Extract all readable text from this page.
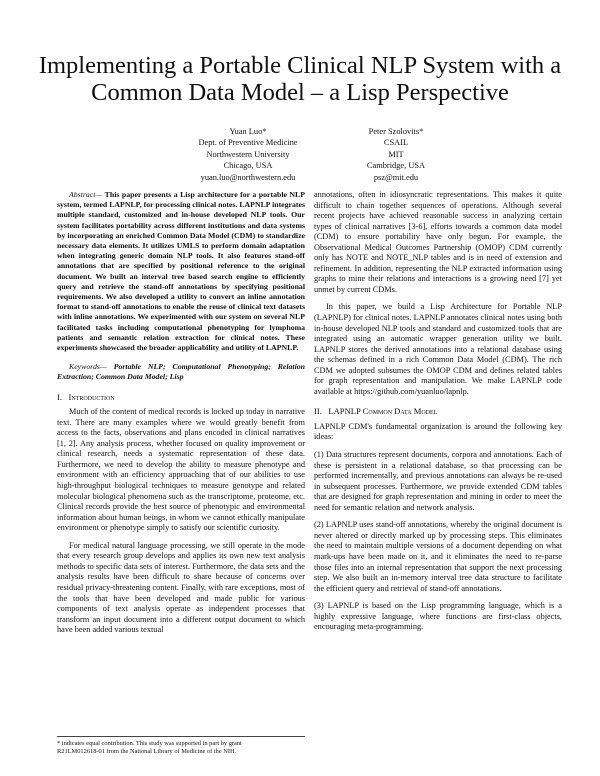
Implementing a Portable Clinical NLP System with a
Common Data Model – a Lisp Perspective
Yuan Luo*
Dept. of Preventive Medicine
Northwestern University
Chicago, USA
yuan.luo@northwestern.edu
Peter Szolovits*
CSAIL
MIT
Cambridge, USA
psz@mit.edu

Abstract— This paper presents a Lisp architecture for a portable NLP system, termed LAPNLP, for processing clinical notes. LAPNLP integrates multiple standard, customized and in-house developed NLP tools. Our system facilitates portability across different institutions and data systems by incorporating an enriched Common Data Model (CDM) to standardize necessary data elements. It utilizes UMLS to perform domain adaptation when integrating generic domain NLP tools. It also features stand-off annotations that are specified by positional reference to the original document. We built an interval tree based search engine to efficiently query and retrieve the stand-off annotations by specifying positional requirements. We also developed a utility to convert an inline annotation format to stand-off annotations to enable the reuse of clinical text datasets with inline annotations. We experimented with our system on several NLP facilitated tasks including computational phenotyping for lymphoma patients and semantic relation extraction for clinical notes. These experiments showcased the broader applicability and utility of LAPNLP.

Keywords— Portable NLP; Computational Phenotyping; Relation Extraction; Common Data Model; Lisp

I. Introduction

Much of the content of medical records is locked up today in narrative text. There are many examples where we would greatly benefit from access to the facts, observations and plans encoded in clinical narratives [1, 2]. Any analysis process, whether focused on quality improvement or clinical research, needs a systematic representation of these data. Furthermore, we need to develop the ability to measure phenotype and environment with an efficiency approaching that of our abilities to use high-throughput biological techniques to measure genotype and related molecular biological phenomena such as the transcriptome, proteome, etc. Clinical records provide the best source of phenotypic and environmental information about human beings, in whom we cannot ethically manipulate environment or phenotype simply to satisfy our scientific curiosity.

For medical natural language processing, we still operate in the mode that every research group develops and applies its own new text analysis methods to specific data sets of interest. Furthermore, the data sets and the analysis results have been difficult to share because of concerns over residual privacy-threatening content. Finally, with rare exceptions, most of the tools that have been developed and made public for various components of text analysis operate as independent processes that transform an input document into a different output document to which have been added various textual

annotations, often in idiosyncratic representations. This makes it quite difficult to chain together sequences of operations. Although several recent projects have achieved reasonable success in analyzing certain types of clinical narratives [3-6], efforts towards a common data model (CDM) to ensure portability have only begun. For example, the Observational Medical Outcomes Partnership (OMOP) CDM currently only has NOTE and NOTE_NLP tables and is in need of extension and refinement. In addition, representing the NLP extracted information using graphs to mine their relations and interactions is a growing need [7] yet unmet by current CDMs.

In this paper, we build a Lisp Architecture for Portable NLP (LAPNLP) for clinical notes. LAPNLP annotates clinical notes using both in-house developed NLP tools and standard and customized tools that are integrated using an automatic wrapper generation utility we built. LAPNLP stores the derived annotations into a relational database using the schemas defined in a rich Common Data Model (CDM). The rich CDM we adopted subsumes the OMOP CDM and defines related tables for graph representation and manipulation. We make LAPNLP code available at https://github.com/yuanluo/lapnlp.

II. LAPNLP Common Data Model

LAPNLP CDM's fundamental organization is around the following key ideas:

(1) Data structures represent documents, corpora and annotations. Each of these is persistent in a relational database, so that processing can be performed incrementally, and previous annotations can always be re-used in subsequent processes. Furthermore, we provide extended CDM tables that are designed for graph representation and mining in order to meet the need for semantic relation and network analysis.

(2) LAPNLP uses stand-off annotations, whereby the original document is never altered or directly marked up by processing steps. This eliminates the need to maintain multiple versions of a document depending on what mark-ups have been made on it, and it eliminates the need to re-parse those files into an internal representation that support the next processing step. We also built an in-memory interval tree data structure to facilitate the efficient query and retrieval of stand-off annotations.

(3) LAPNLP is based on the Lisp programming language, which is a highly expressive language, where functions are first-class objects, encouraging meta-programming.

* indicates equal contribution. This study was supported in part by grant

R21LM012618-01 from the National Library of Medicine of the NIH.
